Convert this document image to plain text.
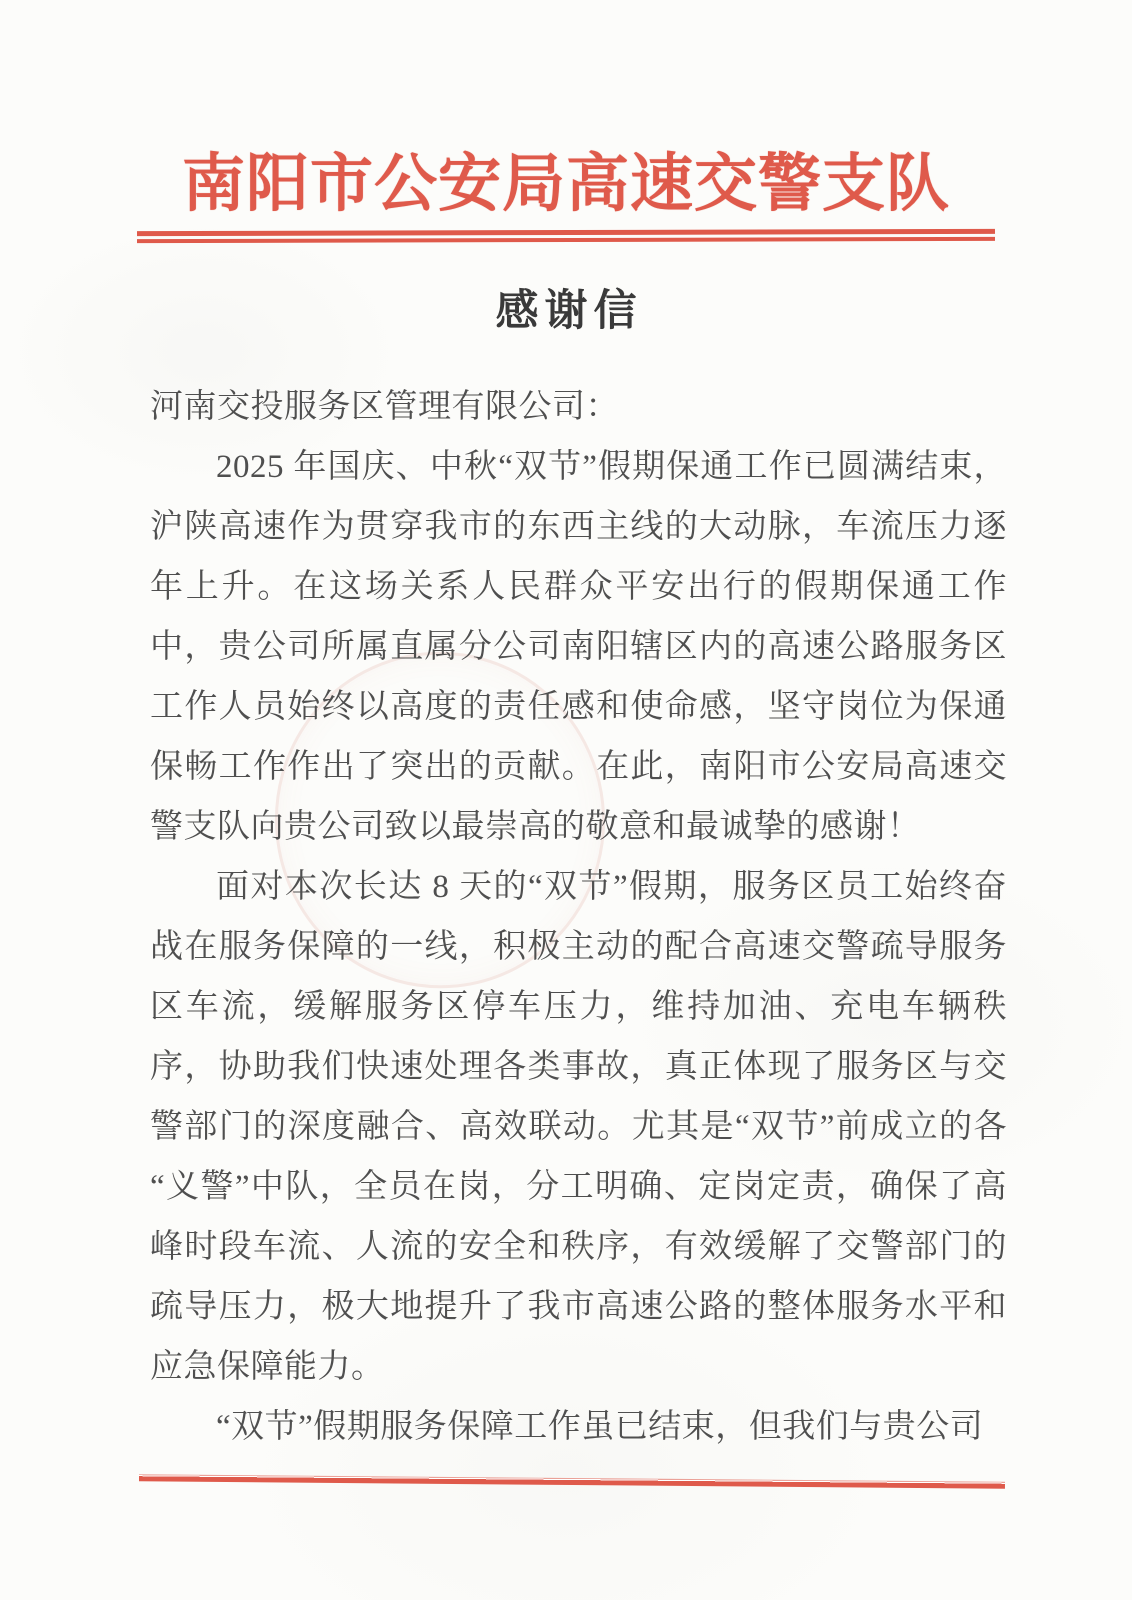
南阳市公安局高速交警支队
感谢信

河南交投服务区管理有限公司：

2025 年国庆、中秋“双节”假期保通工作已圆满结束，沪陕高速作为贯穿我市的东西主线的大动脉，车流压力逐年上升。在这场关系人民群众平安出行的假期保通工作中，贵公司所属直属分公司南阳辖区内的高速公路服务区工作人员始终以高度的责任感和使命感，坚守岗位为保通保畅工作作出了突出的贡献。在此，南阳市公安局高速交警支队向贵公司致以最崇高的敬意和最诚挚的感谢！

面对本次长达 8 天的“双节”假期，服务区员工始终奋战在服务保障的一线，积极主动的配合高速交警疏导服务区车流，缓解服务区停车压力，维持加油、充电车辆秩序，协助我们快速处理各类事故，真正体现了服务区与交警部门的深度融合、高效联动。尤其是“双节”前成立的各“义警”中队，全员在岗，分工明确、定岗定责，确保了高峰时段车流、人流的安全和秩序，有效缓解了交警部门的疏导压力，极大地提升了我市高速公路的整体服务水平和应急保障能力。

“双节”假期服务保障工作虽已结束，但我们与贵公司
